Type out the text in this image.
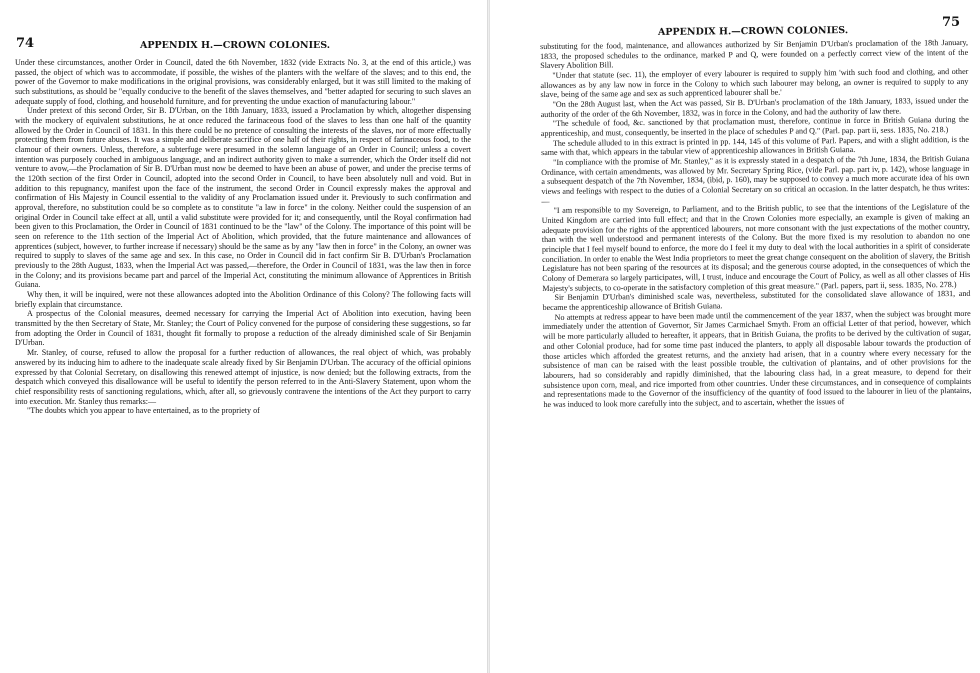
74	APPENDIX H.—CROWN COLONIES.

Under these circumstances, another Order in Council, dated the 6th November, 1832 (vide Extracts No. 3, at the end of this article,) was passed, the object of which was to accommodate, if possible, the wishes of the planters with the welfare of the slaves; and to this end, the power of the Governor to make modifications in the original provisions, was considerably enlarged, but it was still limited to the making of such substitutions, as should be "equally conducive to the benefit of the slaves themselves, and "better adapted for securing to such slaves an adequate supply of food, clothing, and household furniture, and for preventing the undue exaction of manufacturing labour."

Under pretext of this second Order, Sir B. D'Urban, on the 18th January, 1833, issued a Proclamation by which, altogether dispensing with the mockery of equivalent substitutions, he at once reduced the farinaceous food of the slaves to less than one half of the quantity allowed by the Order in Council of 1831. In this there could be no pretence of consulting the interests of the slaves, nor of more effectually protecting them from future abuses. It was a simple and deliberate sacrifice of one half of their rights, in respect of farinaceous food, to the clamour of their owners. Unless, therefore, a subterfuge were presumed in the solemn language of an Order in Council; unless a covert intention was purposely couched in ambiguous language, and an indirect authority given to make a surrender, which the Order itself did not venture to avow,—the Proclamation of Sir B. D'Urban must now be deemed to have been an abuse of power, and under the precise terms of the 120th section of the first Order in Council, adopted into the second Order in Council, to have been absolutely null and void. But in addition to this repugnancy, manifest upon the face of the instrument, the second Order in Council expressly makes the approval and confirmation of His Majesty in Council essential to the validity of any Proclamation issued under it. Previously to such confirmation and approval, therefore, no substitution could be so complete as to constitute "a law in force" in the colony. Neither could the suspension of an original Order in Council take effect at all, until a valid substitute were provided for it; and consequently, until the Royal confirmation had been given to this Proclamation, the Order in Council of 1831 continued to be the "law" of the Colony. The importance of this point will be seen on reference to the 11th section of the Imperial Act of Abolition, which provided, that the future maintenance and allowances of apprentices (subject, however, to further increase if necessary) should be the same as by any "law then in force" in the Colony, an owner was required to supply to slaves of the same age and sex. In this case, no Order in Council did in fact confirm Sir B. D'Urban's Proclamation previously to the 28th August, 1833, when the Imperial Act was passed,—therefore, the Order in Council of 1831, was the law then in force in the Colony; and its provisions became part and parcel of the Imperial Act, constituting the minimum allowance of Apprentices in British Guiana.

Why then, it will be inquired, were not these allowances adopted into the Abolition Ordinance of this Colony? The following facts will briefly explain that circumstance.

A prospectus of the Colonial measures, deemed necessary for carrying the Imperial Act of Abolition into execution, having been transmitted by the then Secretary of State, Mr. Stanley; the Court of Policy convened for the purpose of considering these suggestions, so far from adopting the Order in Council of 1831, thought fit formally to propose a reduction of the already diminished scale of Sir Benjamin D'Urban.

Mr. Stanley, of course, refused to allow the proposal for a further reduction of allowances, the real object of which, was probably answered by its inducing him to adhere to the inadequate scale already fixed by Sir Benjamin D'Urban. The accuracy of the official opinions expressed by that Colonial Secretary, on disallowing this renewed attempt of injustice, is now denied; but the following extracts, from the despatch which conveyed this disallowance will be useful to identify the person referred to in the Anti-Slavery Statement, upon whom the chief responsibility rests of sanctioning regulations, which, after all, so grievously contravene the intentions of the Act they purport to carry into execution. Mr. Stanley thus remarks:—

"The doubts which you appear to have entertained, as to the propriety of

APPENDIX H.—CROWN COLONIES.
75

substituting for the food, maintenance, and allowances authorized by Sir Benjamin D'Urban's proclamation of the 18th January, 1833, the proposed schedules to the ordinance, marked P and Q, were founded on a perfectly correct view of the intent of the Slavery Abolition Bill.

"Under that statute (sec. 11), the employer of every labourer is required to supply him 'with such food and clothing, and other allowances as by any law now in force in the Colony to which such labourer may belong, an owner is required to supply to any slave, being of the same age and sex as such apprenticed labourer shall be.'

"On the 28th August last, when the Act was passed, Sir B. D'Urban's proclamation of the 18th January, 1833, issued under the authority of the order of the 6th November, 1832, was in force in the Colony, and had the authority of law there.

"The schedule of food, &c. sanctioned by that proclamation must, therefore, continue in force in British Guiana during the apprenticeship, and must, consequently, be inserted in the place of schedules P and Q." (Parl. pap. part ii, sess. 1835, No. 218.)

The schedule alluded to in this extract is printed in pp. 144, 145 of this volume of Parl. Papers, and with a slight addition, is the same with that, which appears in the tabular view of apprenticeship allowances in British Guiana.

"In compliance with the promise of Mr. Stanley," as it is expressly stated in a despatch of the 7th June, 1834, the British Guiana Ordinance, with certain amendments, was allowed by Mr. Secretary Spring Rice, (vide Parl. pap. part iv, p. 142), whose language in a subsequent despatch of the 7th November, 1834, (ibid, p. 160), may be supposed to convey a much more accurate idea of his own views and feelings with respect to the duties of a Colonial Secretary on so critical an occasion. In the latter despatch, he thus writes:—

"I am responsible to my Sovereign, to Parliament, and to the British public, to see that the intentions of the Legislature of the United Kingdom are carried into full effect; and that in the Crown Colonies more especially, an example is given of making an adequate provision for the rights of the apprenticed labourers, not more consonant with the just expectations of the mother country, than with the well understood and permanent interests of the Colony. But the more fixed is my resolution to abandon no one principle that I feel myself bound to enforce, the more do I feel it my duty to deal with the local authorities in a spirit of considerate conciliation. In order to enable the West India proprietors to meet the great change consequent on the abolition of slavery, the British Legislature has not been sparing of the resources at its disposal; and the generous course adopted, in the consequences of which the Colony of Demerara so largely participates, will, I trust, induce and encourage the Court of Policy, as well as all other classes of His Majesty's subjects, to co-operate in the satisfactory completion of this great measure." (Parl. papers, part ii, sess. 1835, No. 278.)

Sir Benjamin D'Urban's diminished scale was, nevertheless, substituted for the consolidated slave allowance of 1831, and became the apprenticeship allowance of British Guiana.

No attempts at redress appear to have been made until the commencement of the year 1837, when the subject was brought more immediately under the attention of Governor, Sir James Carmichael Smyth. From an official Letter of that period, however, which will be more particularly alluded to hereafter, it appears, that in British Guiana, the profits to be derived by the cultivation of sugar, and other Colonial produce, had for some time past induced the planters, to apply all disposable labour towards the production of those articles which afforded the greatest returns, and the anxiety had arisen, that in a country where every necessary for the subsistence of man can be raised with the least possible trouble, the cultivation of plantains, and of other provisions for the labourers, had so considerably and rapidly diminished, that the labouring class had, in a great measure, to depend for their subsistence upon corn, meal, and rice imported from other countries. Under these circumstances, and in consequence of complaints and representations made to the Governor of the insufficiency of the quantity of food issued to the labourer in lieu of the plantains, he was induced to look more carefully into the subject, and to ascertain, whether the issues of
